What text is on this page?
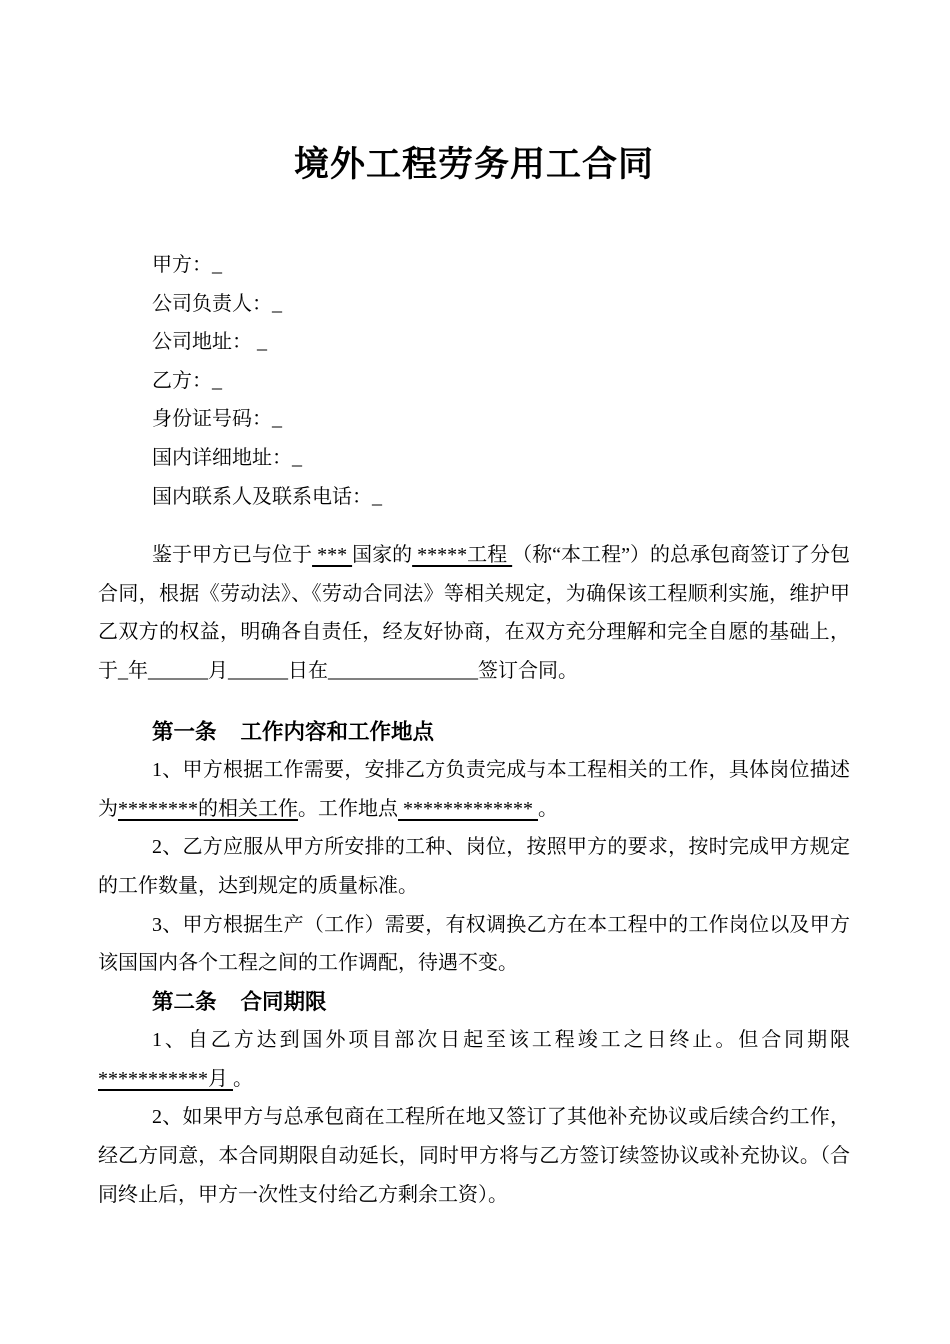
境外工程劳务用工合同

甲方：_

公司负责人：_

公司地址： _

乙方：_

身份证号码：_

国内详细地址：_

国内联系人及联系电话：_

鉴于甲方已与位于 *** 国家的 *****工程 （称“本工程”）的总承包商签订了分包合同，根据《劳动法》、《劳动合同法》等相关规定，为确保该工程顺利实施，维护甲乙双方的权益，明确各自责任，经友好协商，在双方充分理解和完全自愿的基础上，于_年______月______日在_______________签订合同。

第一条 工作内容和工作地点

1、甲方根据工作需要，安排乙方负责完成与本工程相关的工作，具体岗位描述为********的相关工作。工作地点 ************* 。

2、乙方应服从甲方所安排的工种、岗位，按照甲方的要求，按时完成甲方规定的工作数量，达到规定的质量标准。

3、甲方根据生产（工作）需要，有权调换乙方在本工程中的工作岗位以及甲方该国国内各个工程之间的工作调配，待遇不变。

第二条 合同期限

1、自乙方达到国外项目部次日起至该工程竣工之日终止。但合同期限***********月 。

2、如果甲方与总承包商在工程所在地又签订了其他补充协议或后续合约工作，经乙方同意，本合同期限自动延长，同时甲方将与乙方签订续签协议或补充协议。（合同终止后，甲方一次性支付给乙方剩余工资）。
